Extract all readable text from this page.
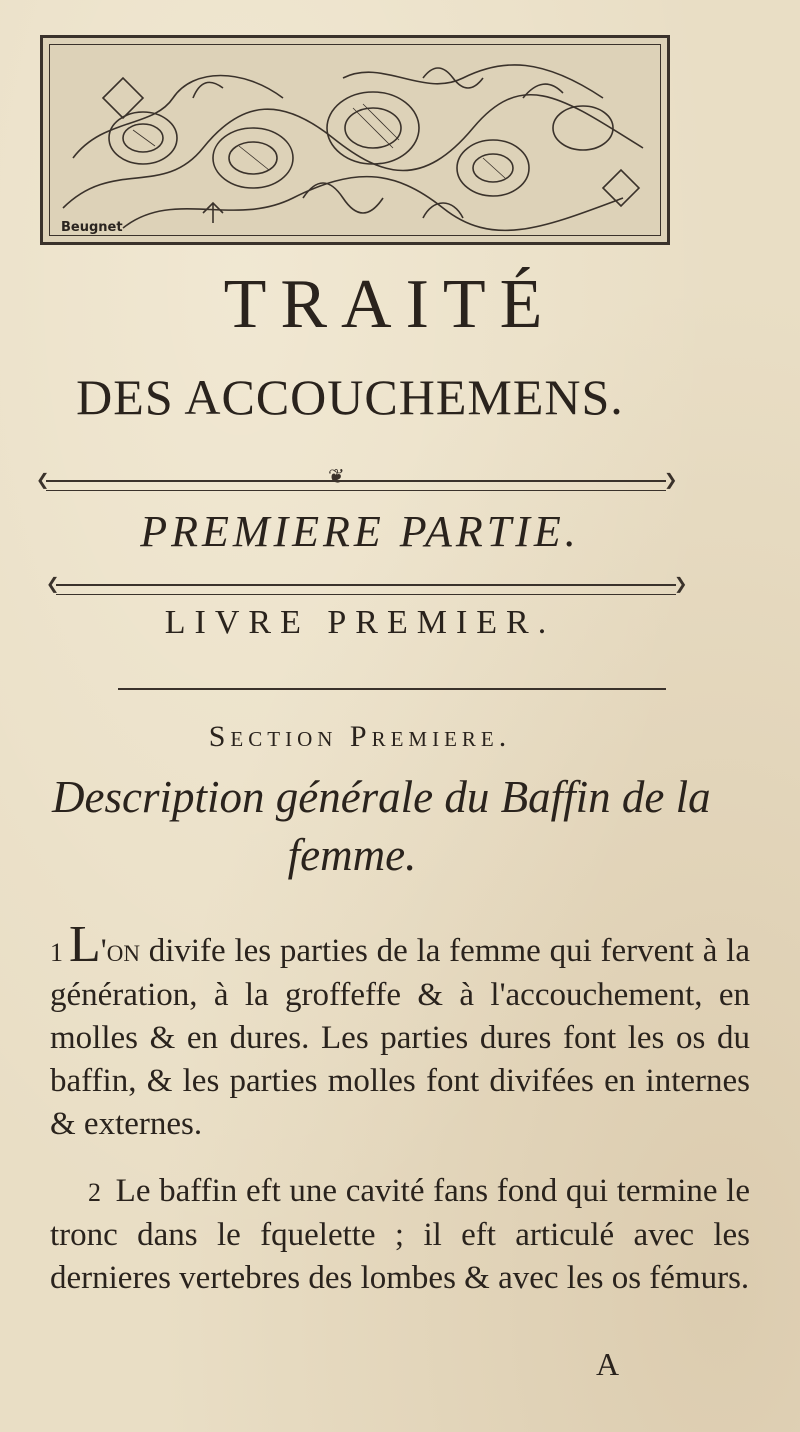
Beugnet
TRAITÉ
DES ACCOUCHEMENS.
❮	❯
❦
PREMIERE PARTIE.
❮	❯
LIVRE PREMIER.
Section Premiere.
Description générale du Baffin de la
femme.

1 L'on divife les parties de la femme qui fervent à la génération, à la groffeffe & à l'accouchement, en molles & en dures. Les parties dures font les os du baffin, & les parties molles font divifées en internes & externes.

2 Le baffin eft une cavité fans fond qui termine le tronc dans le fquelette ; il eft articulé avec les dernieres vertebres des lombes & avec les os fémurs.

A
